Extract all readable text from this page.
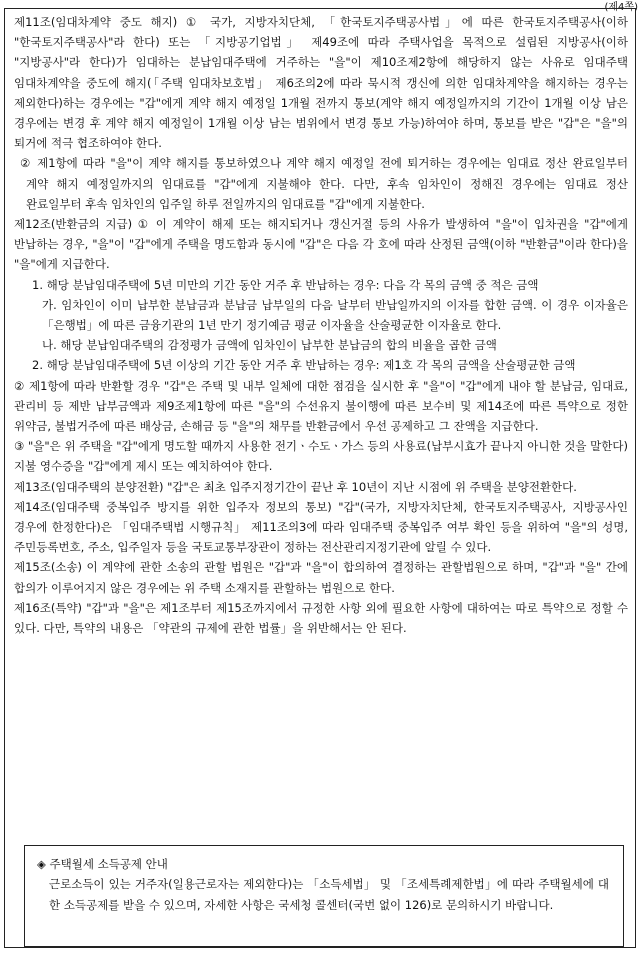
(제4쪽)

제11조(임대차계약 중도 해지) ① 국가, 지방자치단체, 「한국토지주택공사법」에 따른 한국토지주택공사(이하 "한국토지주택공사"라 한다) 또는 「지방공기업법」 제49조에 따라 주택사업을 목적으로 설립된 지방공사(이하 "지방공사"라 한다)가 임대하는 분납임대주택에 거주하는 "을"이 제10조제2항에 해당하지 않는 사유로 임대주택 임대차계약을 중도에 해지(「주택 임대차보호법」 제6조의2에 따라 묵시적 갱신에 의한 임대차계약을 해지하는 경우는 제외한다)하는 경우에는 "갑"에게 계약 해지 예정일 1개월 전까지 통보(계약 해지 예정일까지의 기간이 1개월 이상 남은 경우에는 변경 후 계약 해지 예정일이 1개월 이상 남는 범위에서 변경 통보 가능)하여야 하며, 통보를 받은 "갑"은 "을"의 퇴거에 적극 협조하여야 한다.

② 제1항에 따라 "을"이 계약 해지를 통보하였으나 계약 해지 예정일 전에 퇴거하는 경우에는 임대료 정산 완료일부터 계약 해지 예정일까지의 임대료를 "갑"에게 지불해야 한다. 다만, 후속 임차인이 정해진 경우에는 임대료 정산 완료일부터 후속 임차인의 입주일 하루 전일까지의 임대료를 "갑"에게 지불한다.

제12조(반환금의 지급) ① 이 계약이 해제 또는 해지되거나 갱신거절 등의 사유가 발생하여 "을"이 입차권을 "갑"에게 반납하는 경우, "을"이 "갑"에게 주택을 명도함과 동시에 "갑"은 다음 각 호에 따라 산정된 금액(이하 "반환금"이라 한다)을 "을"에게 지급한다.

1. 해당 분납임대주택에 5년 미만의 기간 동안 거주 후 반납하는 경우: 다음 각 목의 금액 중 적은 금액

가. 임차인이 이미 납부한 분납금과 분납금 납부일의 다음 날부터 반납일까지의 이자를 합한 금액. 이 경우 이자율은 「은행법」에 따른 금융기관의 1년 만기 정기예금 평균 이자율을 산술평균한 이자율로 한다.

나. 해당 분납임대주택의 감정평가 금액에 임차인이 납부한 분납금의 합의 비율을 곱한 금액

2. 해당 분납임대주택에 5년 이상의 기간 동안 거주 후 반납하는 경우: 제1호 각 목의 금액을 산술평균한 금액

② 제1항에 따라 반환할 경우 "갑"은 주택 및 내부 일체에 대한 점검을 실시한 후 "을"이 "갑"에게 내야 할 분납금, 임대료, 관리비 등 제반 납부금액과 제9조제1항에 따른 "을"의 수선유지 불이행에 따른 보수비 및 제14조에 따른 특약으로 정한 위약금, 불법거주에 따른 배상금, 손해금 등 "을"의 채무를 반환금에서 우선 공제하고 그 잔액을 지급한다.

③ "을"은 위 주택을 "갑"에게 명도할 때까지 사용한 전기ㆍ수도ㆍ가스 등의 사용료(납부시효가 끝나지 아니한 것을 말한다) 지불 영수증을 "갑"에게 제시 또는 예치하여야 한다.

제13조(임대주택의 분양전환) "갑"은 최초 입주지정기간이 끝난 후 10년이 지난 시점에 위 주택을 분양전환한다.

제14조(임대주택 중복입주 방지를 위한 입주자 정보의 통보) "갑"(국가, 지방자치단체, 한국토지주택공사, 지방공사인 경우에 한정한다)은 「임대주택법 시행규칙」 제11조의3에 따라 임대주택 중복입주 여부 확인 등을 위하여 "을"의 성명, 주민등록번호, 주소, 입주일자 등을 국토교통부장관이 정하는 전산관리지정기관에 알릴 수 있다.

제15조(소송) 이 계약에 관한 소송의 관할 법원은 "갑"과 "을"이 합의하여 결정하는 관할법원으로 하며, "갑"과 "을" 간에 합의가 이루어지지 않은 경우에는 위 주택 소재지를 관할하는 법원으로 한다.

제16조(특약) "갑"과 "을"은 제1조부터 제15조까지에서 규정한 사항 외에 필요한 사항에 대하여는 따로 특약으로 정할 수 있다. 다만, 특약의 내용은 「약관의 규제에 관한 법률」을 위반해서는 안 된다.

◈ 주택월세 소득공제 안내

근로소득이 있는 거주자(일용근로자는 제외한다)는 「소득세법」 및 「조세특례제한법」에 따라 주택월세에 대한 소득공제를 받을 수 있으며, 자세한 사항은 국세청 콜센터(국번 없이 126)로 문의하시기 바랍니다.
